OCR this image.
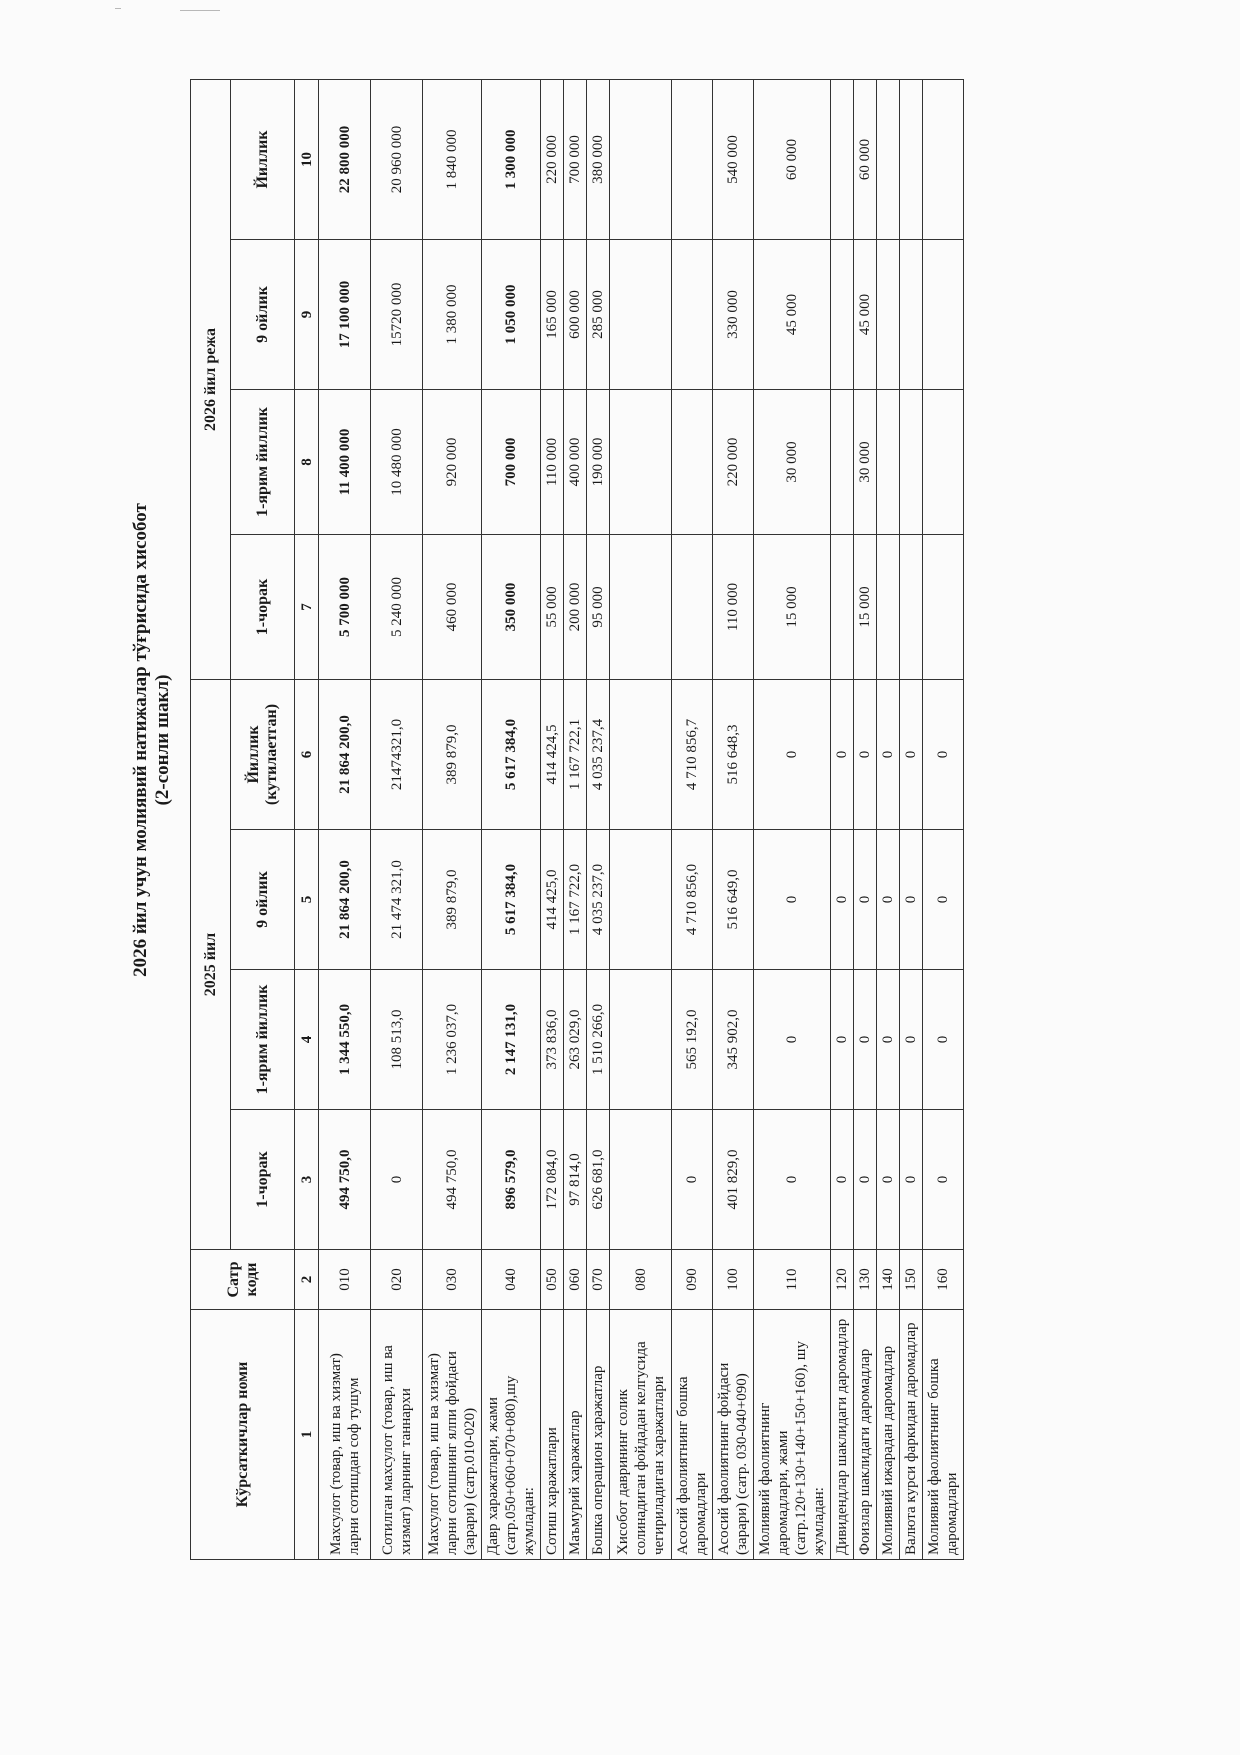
2026 йил учун молиявий натижалар тўғрисида хисобот (2-сонли шакл)
Кўрсаткичлар номи	Сатр коди	2025 йил				2026 йил режа			
		1-чорак	1-ярим йиллик	9 ойлик	Йиллик (кутилаетган)	1-чорак	1-ярим йиллик	9 ойлик	Йиллик
1	2	3	4	5	6	7	8	9	10
Махсулот (товар, иш ва хизмат) ларни сотишдан соф тушум	010	494 750,0	1 344 550,0	21 864 200,0	21 864 200,0	5 700 000	11 400 000	17 100 000	22 800 000
Сотилган махсулот (товар, иш ва хизмат) ларнинг таннархи	020	0	108 513,0	21 474 321,0	21474321,0	5 240 000	10 480 000	15720 000	20 960 000
Махсулот (товар, иш ва хизмат) ларни сотишнинг ялпи фойдаси (зарари) (сатр.010-020)	030	494 750,0	1 236 037,0	389 879,0	389 879,0	460 000	920 000	1 380 000	1 840 000
Давр харажатлари, жами (сатр.050+060+070+080),шу жумладан:	040	896 579,0	2 147 131,0	5 617 384,0	5 617 384,0	350 000	700 000	1 050 000	1 300 000
Сотиш харажатлари	050	172 084,0	373 836,0	414 425,0	414 424,5	55 000	110 000	165 000	220 000
Маъмурий харажатлар	060	97 814,0	263 029,0	1 167 722,0	1 167 722,1	200 000	400 000	600 000	700 000
Бошка операцион харажатлар	070	626 681,0	1 510 266,0	4 035 237,0	4 035 237,4	95 000	190 000	285 000	380 000
Хисобот даврининг солик солинадиган фойдадан келгусида чегириладиган харажатлари	080								
Асосий фаолиятнинг бошка даромадлари	090	0	565 192,0	4 710 856,0	4 710 856,7				
Асосий фаолиятнинг фойдаси (зарари) (сатр. 030-040+090)	100	401 829,0	345 902,0	516 649,0	516 648,3	110 000	220 000	330 000	540 000
Молиявий фаолиятнинг даромадлари, жами (сатр.120+130+140+150+160), шу жумладан:	110	0	0	0	0	15 000	30 000	45 000	60 000
Дивидендлар шаклидаги даромадлар	120	0	0	0	0				
Фоизлар шаклидаги даромадлар	130	0	0	0	0	15 000	30 000	45 000	60 000
Молиявий ижарадан даромадлар	140	0	0	0	0				
Валюта курси фаркидан даромадлар	150	0	0	0	0				
Молиявий фаолиятнинг бошка даромадлари	160	0	0	0	0				
